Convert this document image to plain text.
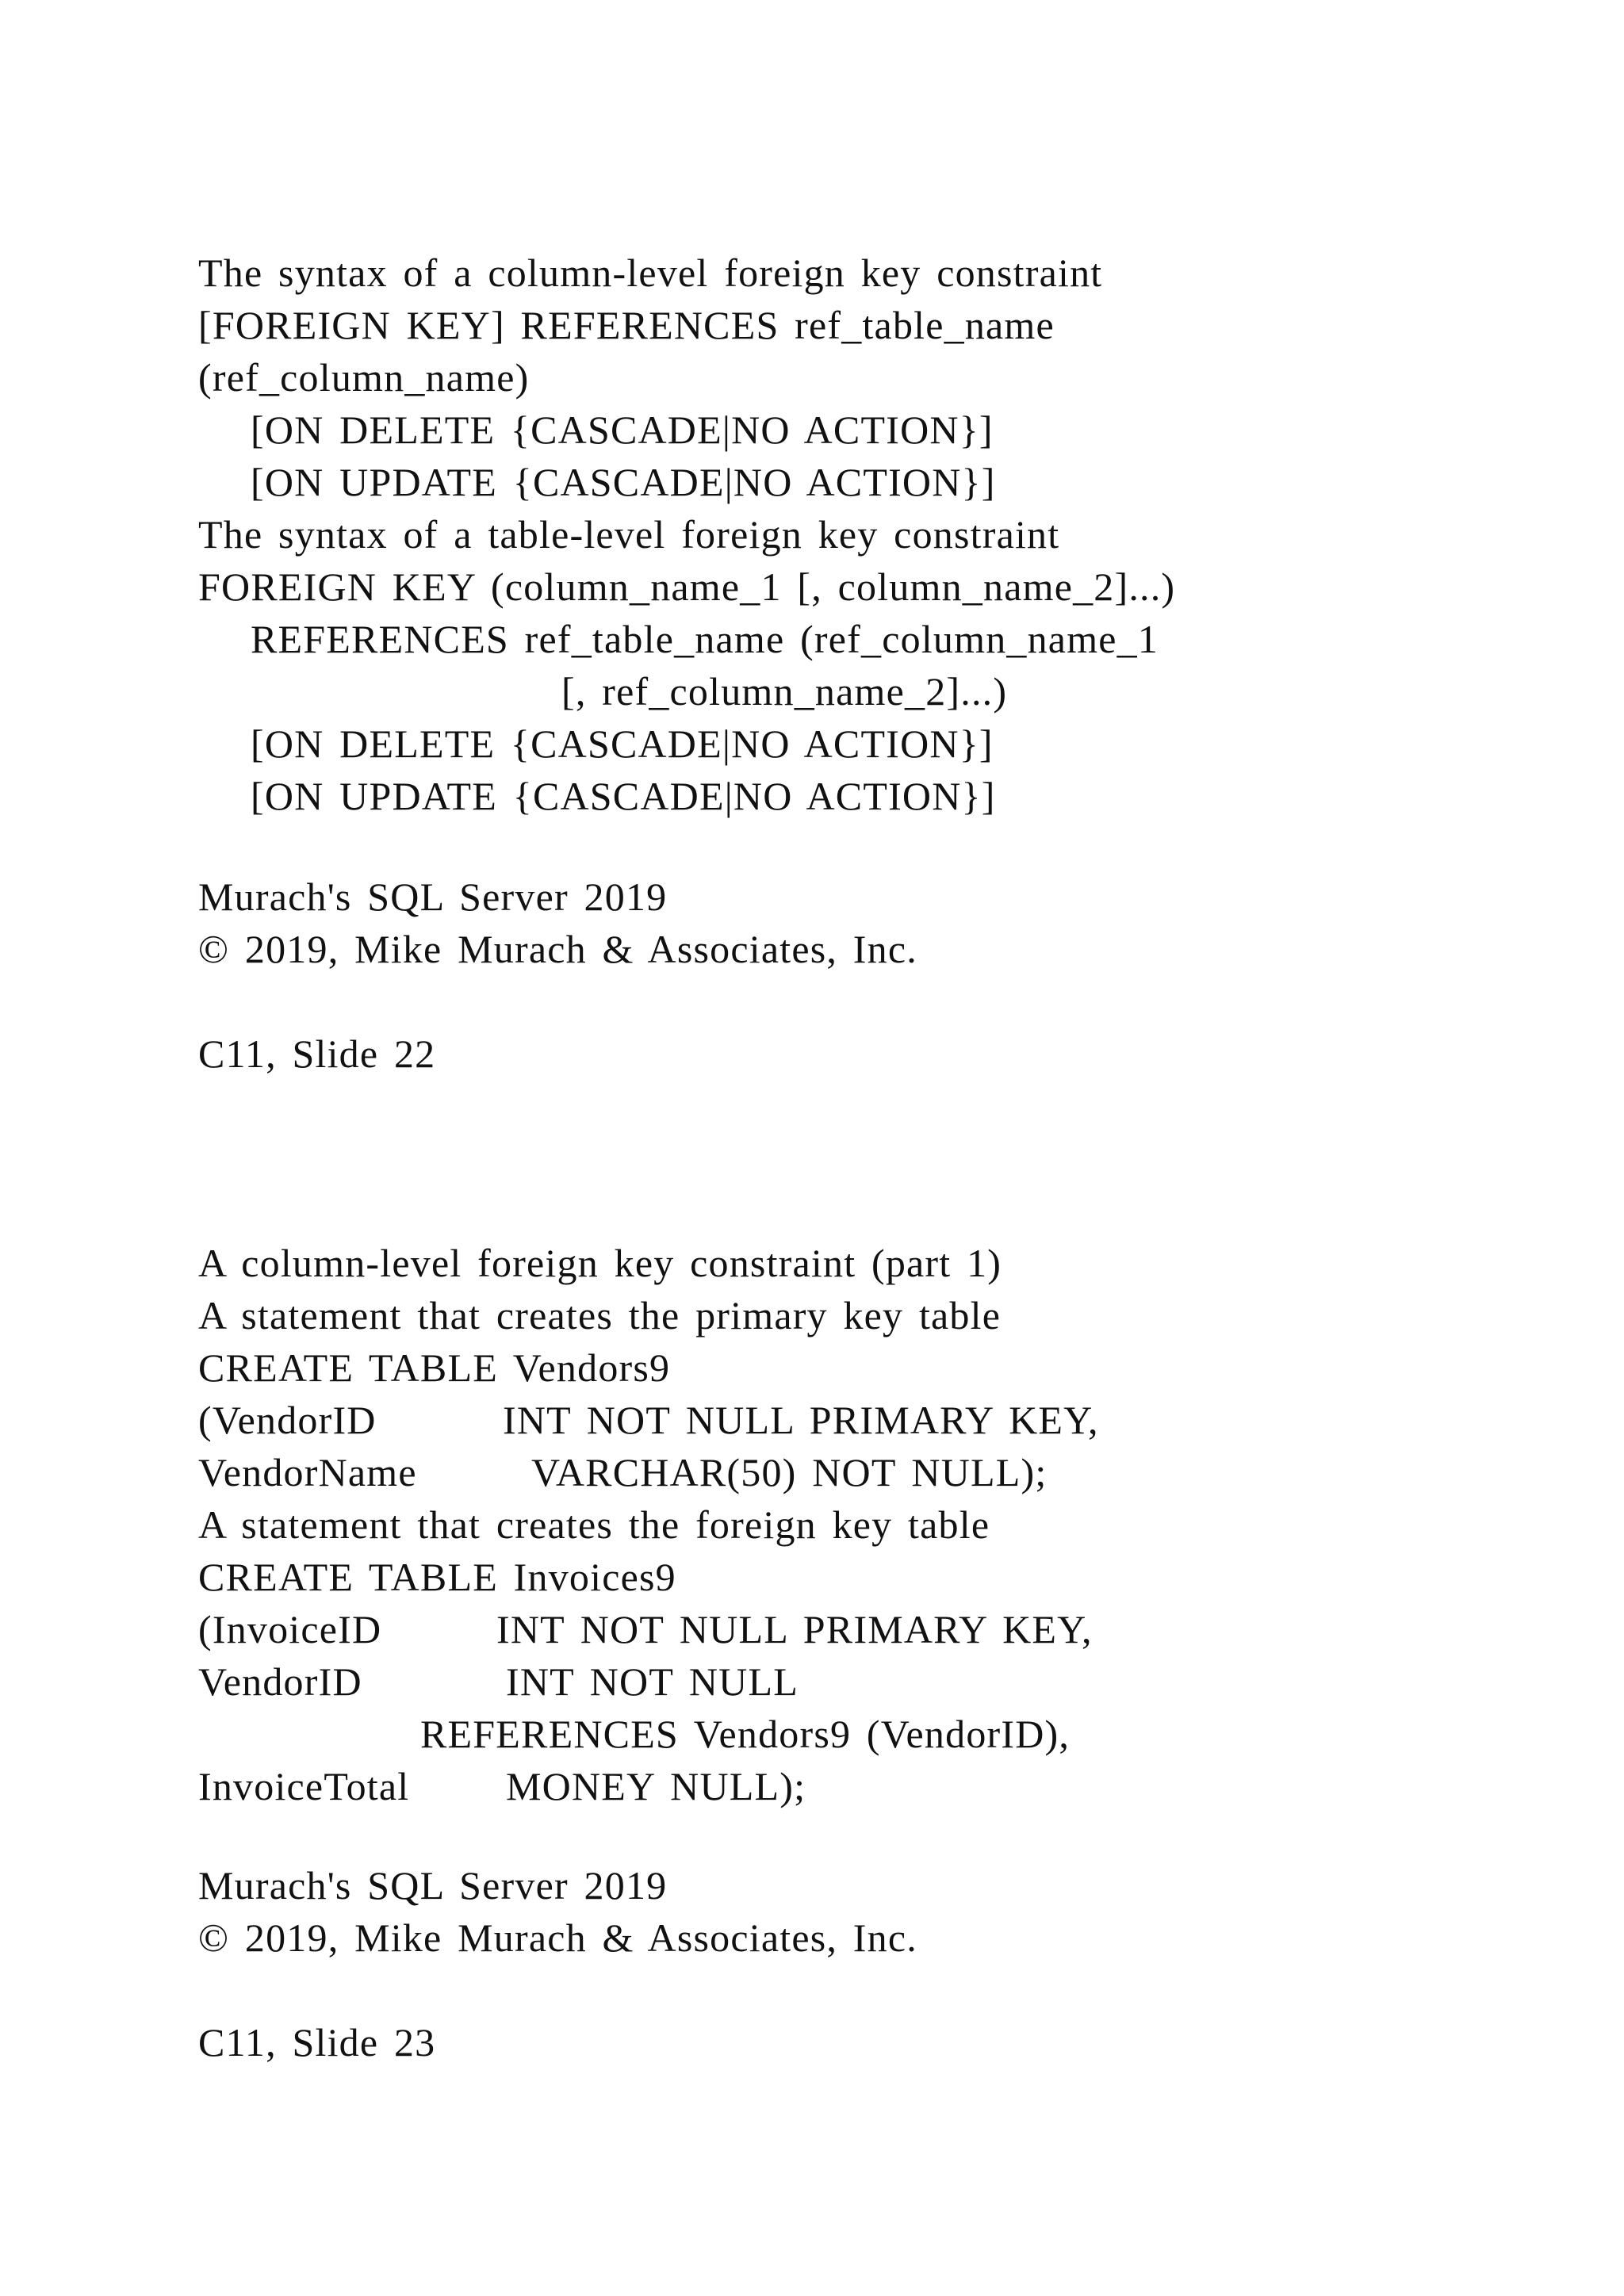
The syntax of a column-level foreign key constraint
[FOREIGN KEY] REFERENCES ref_table_name
(ref_column_name)
[ON DELETE {CASCADE|NO ACTION}]
[ON UPDATE {CASCADE|NO ACTION}]
The syntax of a table-level foreign key constraint
FOREIGN KEY (column_name_1 [, column_name_2]...)
REFERENCES ref_table_name (ref_column_name_1
[, ref_column_name_2]...)
[ON DELETE {CASCADE|NO ACTION}]
[ON UPDATE {CASCADE|NO ACTION}]
Murach's SQL Server 2019
© 2019, Mike Murach & Associates, Inc.
C11, Slide 22
A column-level foreign key constraint (part 1)
A statement that creates the primary key table
CREATE TABLE Vendors9
(VendorID	INT NOT NULL PRIMARY KEY,
VendorName	VARCHAR(50) NOT NULL);
A statement that creates the foreign key table
CREATE TABLE Invoices9
(InvoiceID	INT NOT NULL PRIMARY KEY,
VendorID	INT NOT NULL
REFERENCES Vendors9 (VendorID),
InvoiceTotal MONEY NULL);
Murach's SQL Server 2019
© 2019, Mike Murach & Associates, Inc.
C11, Slide 23
